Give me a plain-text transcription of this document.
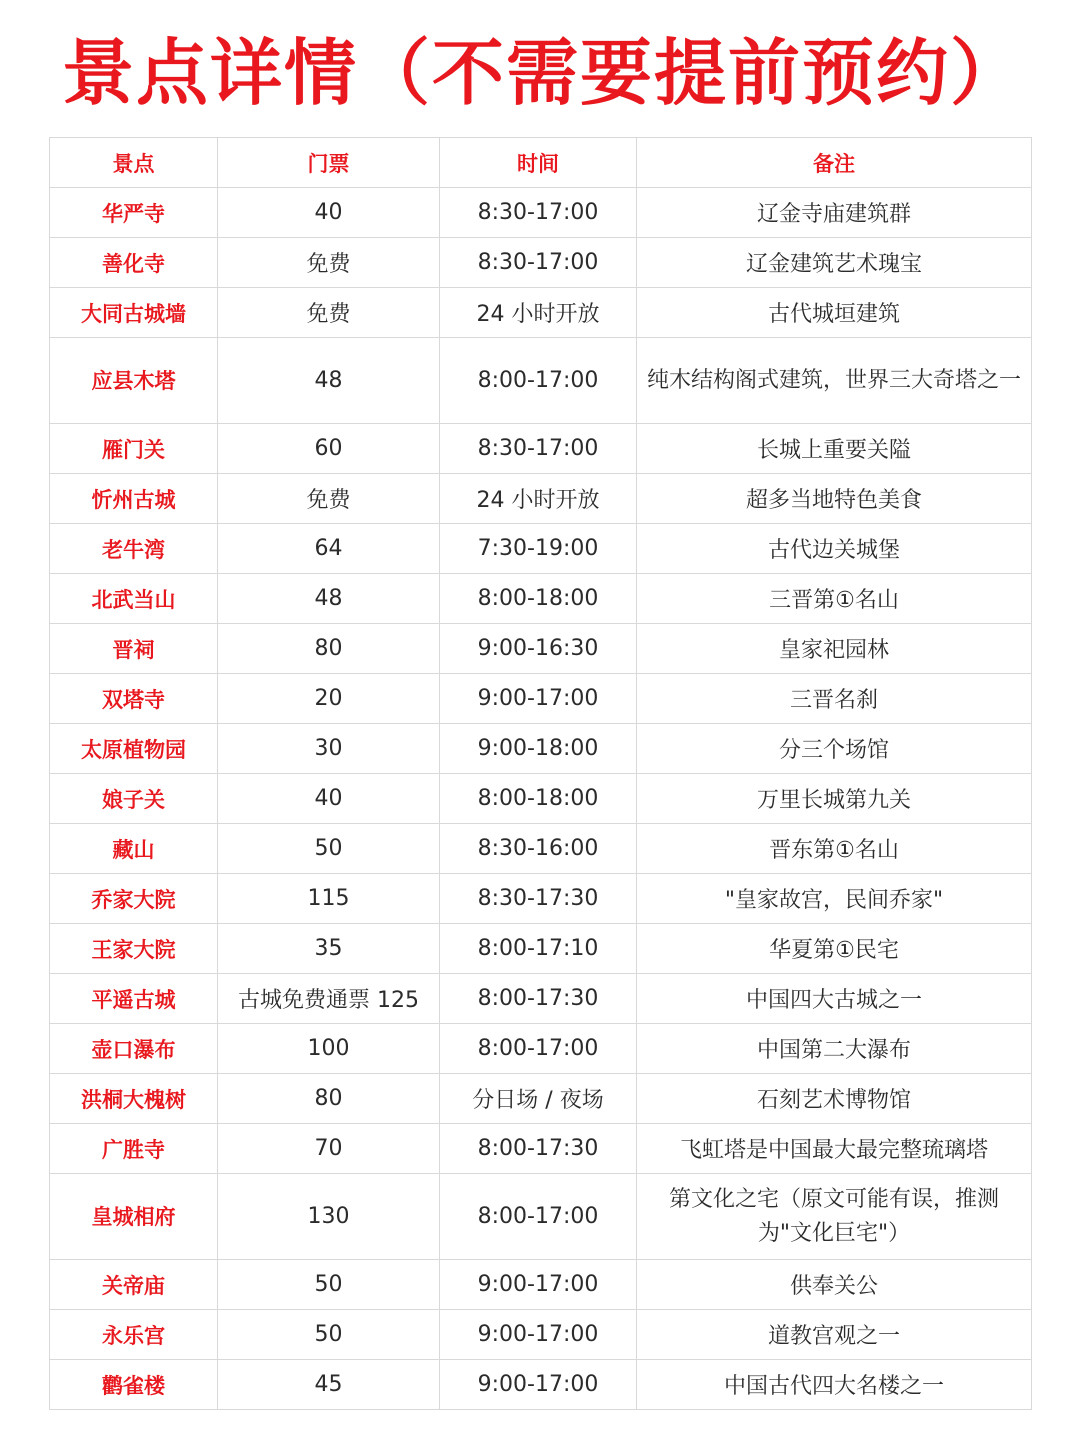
景点详情（不需要提前预约）
景点	门票	时间	备注
华严寺	40	8:30-17:00	辽金寺庙建筑群
善化寺	免费	8:30-17:00	辽金建筑艺术瑰宝
大同古城墙	免费	24 小时开放	古代城垣建筑
应县木塔	48	8:00-17:00	纯木结构阁式建筑，世界三大奇塔之一
雁门关	60	8:30-17:00	长城上重要关隘
忻州古城	免费	24 小时开放	超多当地特色美食
老牛湾	64	7:30-19:00	古代边关城堡
北武当山	48	8:00-18:00	三晋第①名山
晋祠	80	9:00-16:30	皇家祀园林
双塔寺	20	9:00-17:00	三晋名刹
太原植物园	30	9:00-18:00	分三个场馆
娘子关	40	8:00-18:00	万里长城第九关
藏山	50	8:30-16:00	晋东第①名山
乔家大院	115	8:30-17:30	"皇家故宫，民间乔家"
王家大院	35	8:00-17:10	华夏第①民宅
平遥古城	古城免费通票 125	8:00-17:30	中国四大古城之一
壶口瀑布	100	8:00-17:00	中国第二大瀑布
洪桐大槐树	80	分日场 / 夜场	石刻艺术博物馆
广胜寺	70	8:00-17:30	飞虹塔是中国最大最完整琉璃塔
皇城相府	130	8:00-17:00	第文化之宅（原文可能有误，推测为"文化巨宅"）
关帝庙	50	9:00-17:00	供奉关公
永乐宫	50	9:00-17:00	道教宫观之一
鹳雀楼	45	9:00-17:00	中国古代四大名楼之一
